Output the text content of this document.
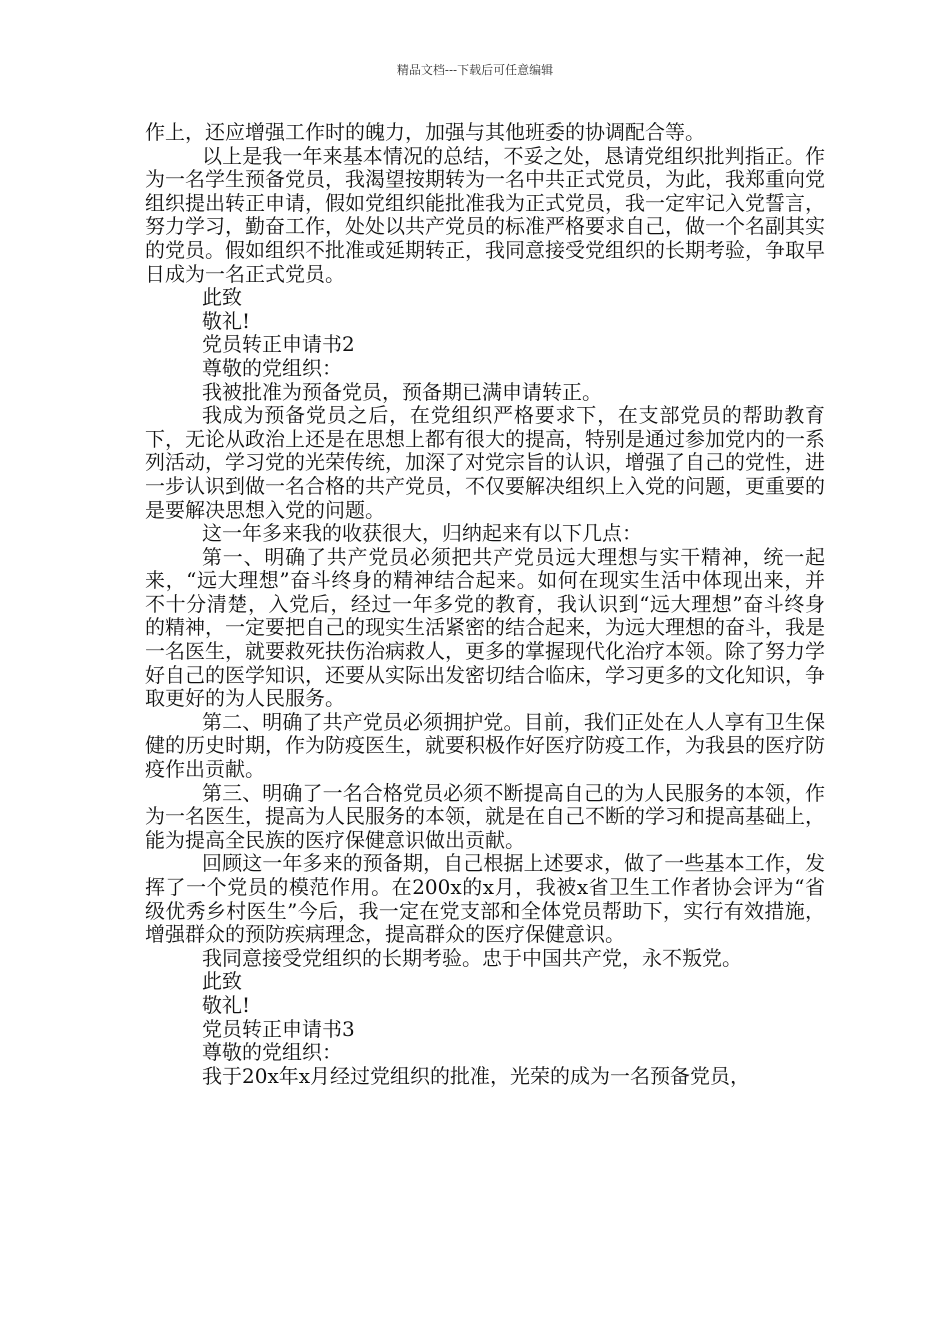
精品文档---下载后可任意编辑

作上，还应增强工作时的魄力，加强与其他班委的协调配合等。

以上是我一年来基本情况的总结，不妥之处，恳请党组织批判指正。作为一名学生预备党员，我渴望按期转为一名中共正式党员，为此，我郑重向党组织提出转正申请，假如党组织能批准我为正式党员，我一定牢记入党誓言，努力学习，勤奋工作，处处以共产党员的标准严格要求自己，做一个名副其实的党员。假如组织不批准或延期转正，我同意接受党组织的长期考验，争取早日成为一名正式党员。

此致

敬礼!

党员转正申请书2

尊敬的党组织：

我被批准为预备党员，预备期已满申请转正。

我成为预备党员之后，在党组织严格要求下，在支部党员的帮助教育下，无论从政治上还是在思想上都有很大的提高，特别是通过参加党内的一系列活动，学习党的光荣传统，加深了对党宗旨的认识，增强了自己的党性，进一步认识到做一名合格的共产党员，不仅要解决组织上入党的问题，更重要的是要解决思想入党的问题。

这一年多来我的收获很大，归纳起来有以下几点：

第一、明确了共产党员必须把共产党员远大理想与实干精神，统一起来，“远大理想”奋斗终身的精神结合起来。如何在现实生活中体现出来，并不十分清楚，入党后，经过一年多党的教育，我认识到“远大理想”奋斗终身的精神，一定要把自己的现实生活紧密的结合起来，为远大理想的奋斗，我是一名医生，就要救死扶伤治病救人，更多的掌握现代化治疗本领。除了努力学好自己的医学知识，还要从实际出发密切结合临床，学习更多的文化知识，争取更好的为人民服务。

第二、明确了共产党员必须拥护党。目前，我们正处在人人享有卫生保健的历史时期，作为防疫医生，就要积极作好医疗防疫工作，为我县的医疗防疫作出贡献。

第三、明确了一名合格党员必须不断提高自己的为人民服务的本领，作为一名医生，提高为人民服务的本领，就是在自己不断的学习和提高基础上，能为提高全民族的医疗保健意识做出贡献。

回顾这一年多来的预备期，自己根据上述要求，做了一些基本工作，发挥了一个党员的模范作用。在200x的x月，我被x省卫生工作者协会评为“省级优秀乡村医生”今后，我一定在党支部和全体党员帮助下，实行有效措施，增强群众的预防疾病理念，提高群众的医疗保健意识。

我同意接受党组织的长期考验。忠于中国共产党，永不叛党。

此致

敬礼!

党员转正申请书3

尊敬的党组织：

我于20x年x月经过党组织的批准，光荣的成为一名预备党员，
